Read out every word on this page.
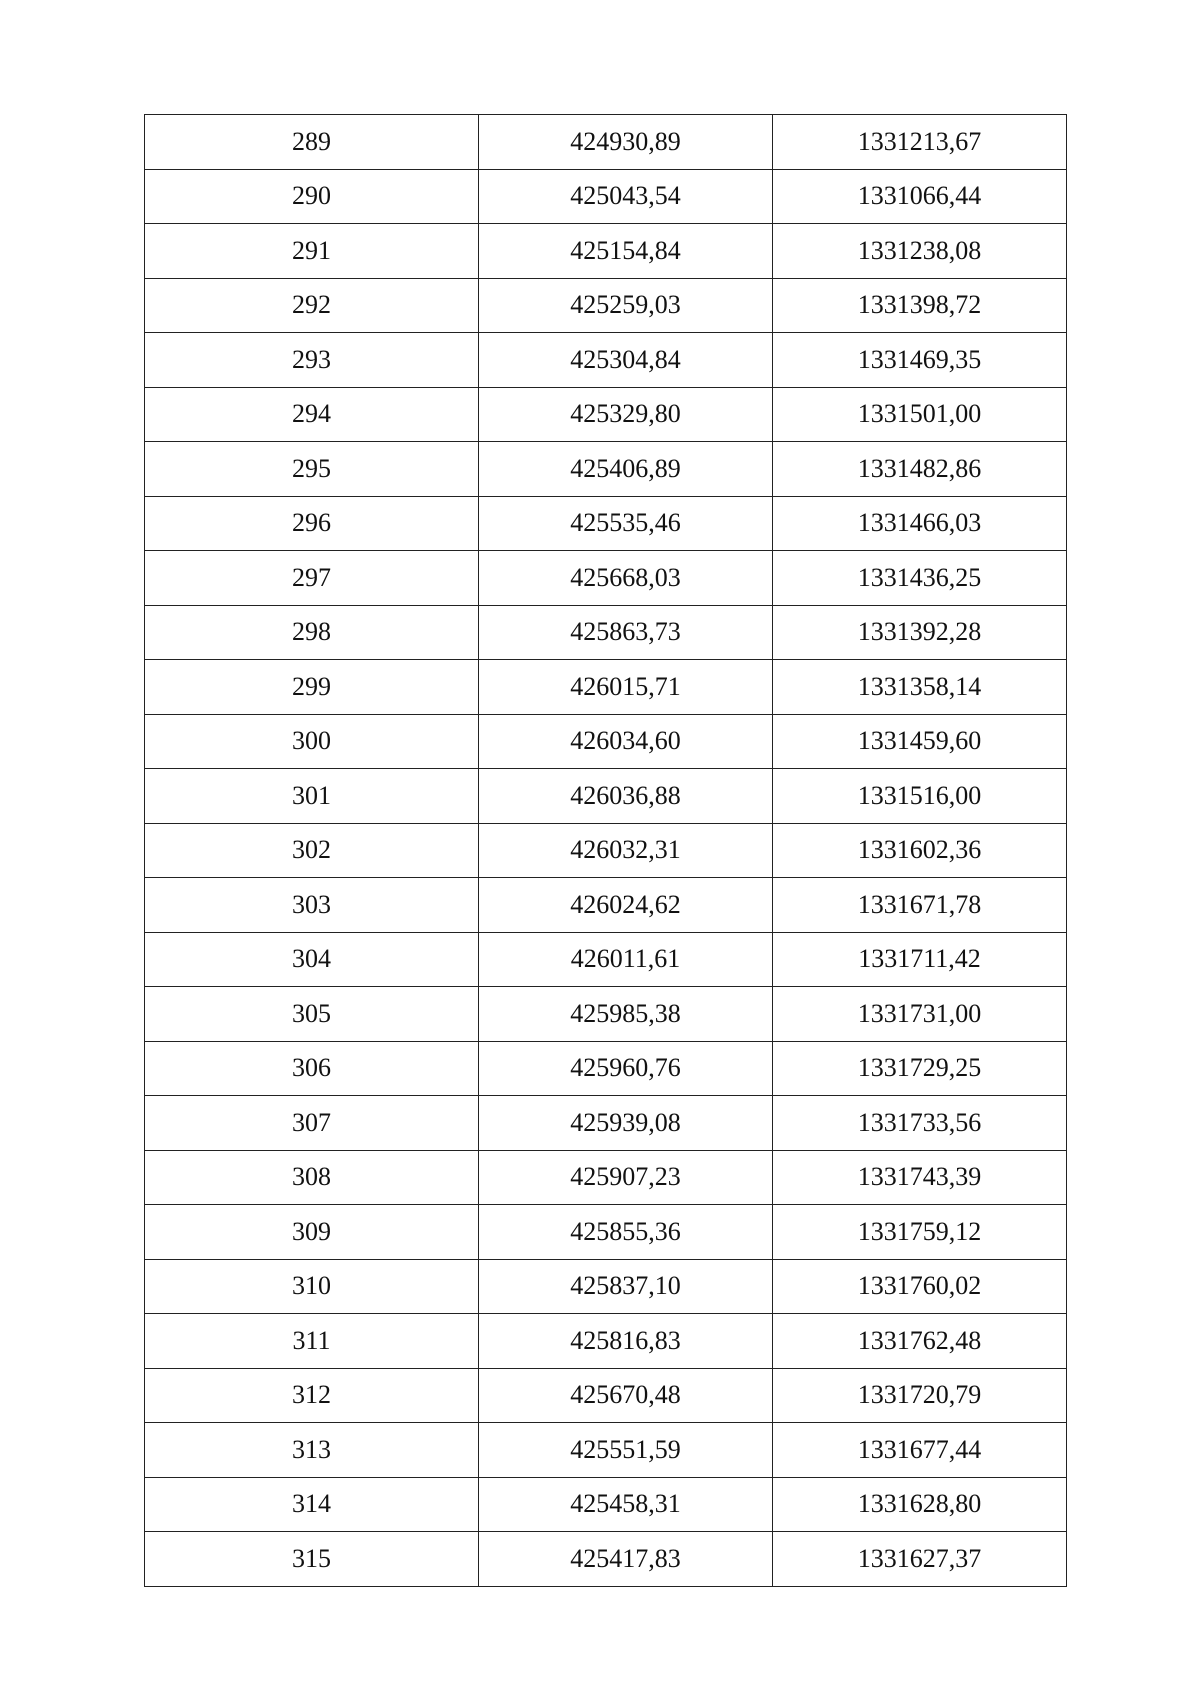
289	424930,89	1331213,67
290	425043,54	1331066,44
291	425154,84	1331238,08
292	425259,03	1331398,72
293	425304,84	1331469,35
294	425329,80	1331501,00
295	425406,89	1331482,86
296	425535,46	1331466,03
297	425668,03	1331436,25
298	425863,73	1331392,28
299	426015,71	1331358,14
300	426034,60	1331459,60
301	426036,88	1331516,00
302	426032,31	1331602,36
303	426024,62	1331671,78
304	426011,61	1331711,42
305	425985,38	1331731,00
306	425960,76	1331729,25
307	425939,08	1331733,56
308	425907,23	1331743,39
309	425855,36	1331759,12
310	425837,10	1331760,02
311	425816,83	1331762,48
312	425670,48	1331720,79
313	425551,59	1331677,44
314	425458,31	1331628,80
315	425417,83	1331627,37
